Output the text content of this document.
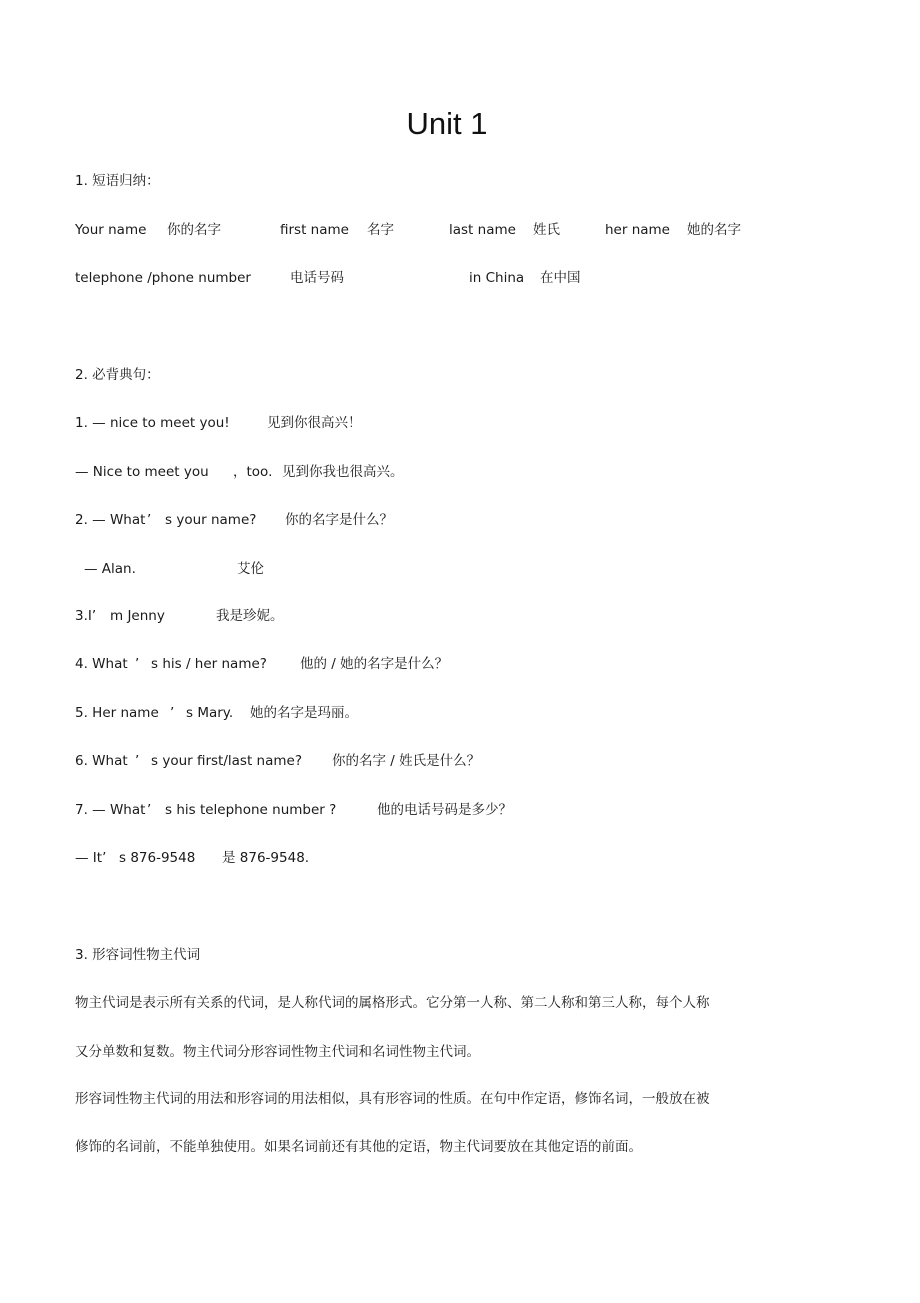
Unit 1

1. 短语归纳：

Your name 你的名字	first name 名字	last name 姓氏	her name 她的名字
telephone /phone number	电话号码	in China 在中国

2. 必背典句：

1. — nice to meet you!	见到你很高兴！
— Nice to meet you ，too. 见到你我也很高兴。
2. — What ’ s your name? 你的名字是什么？
— Alan.	艾伦
3.I’ m Jenny	我是珍妮。
4. What ’ s his / her name? 他的 / 她的名字是什么？
5. Her name ’ s Mary. 她的名字是玛丽。
6. What ’ s your first/last name? 你的名字 / 姓氏是什么？
7. — What ’ s his telephone number ?	他的电话号码是多少？
— It’ s 876-9548 是 876-9548.

3. 形容词性物主代词

物主代词是表示所有关系的代词，是人称代词的属格形式。它分第一人称、第二人称和第三人称，每个人称

又分单数和复数。物主代词分形容词性物主代词和名词性物主代词。

形容词性物主代词的用法和形容词的用法相似，具有形容词的性质。在句中作定语，修饰名词，一般放在被

修饰的名词前，不能单独使用。如果名词前还有其他的定语，物主代词要放在其他定语的前面。
